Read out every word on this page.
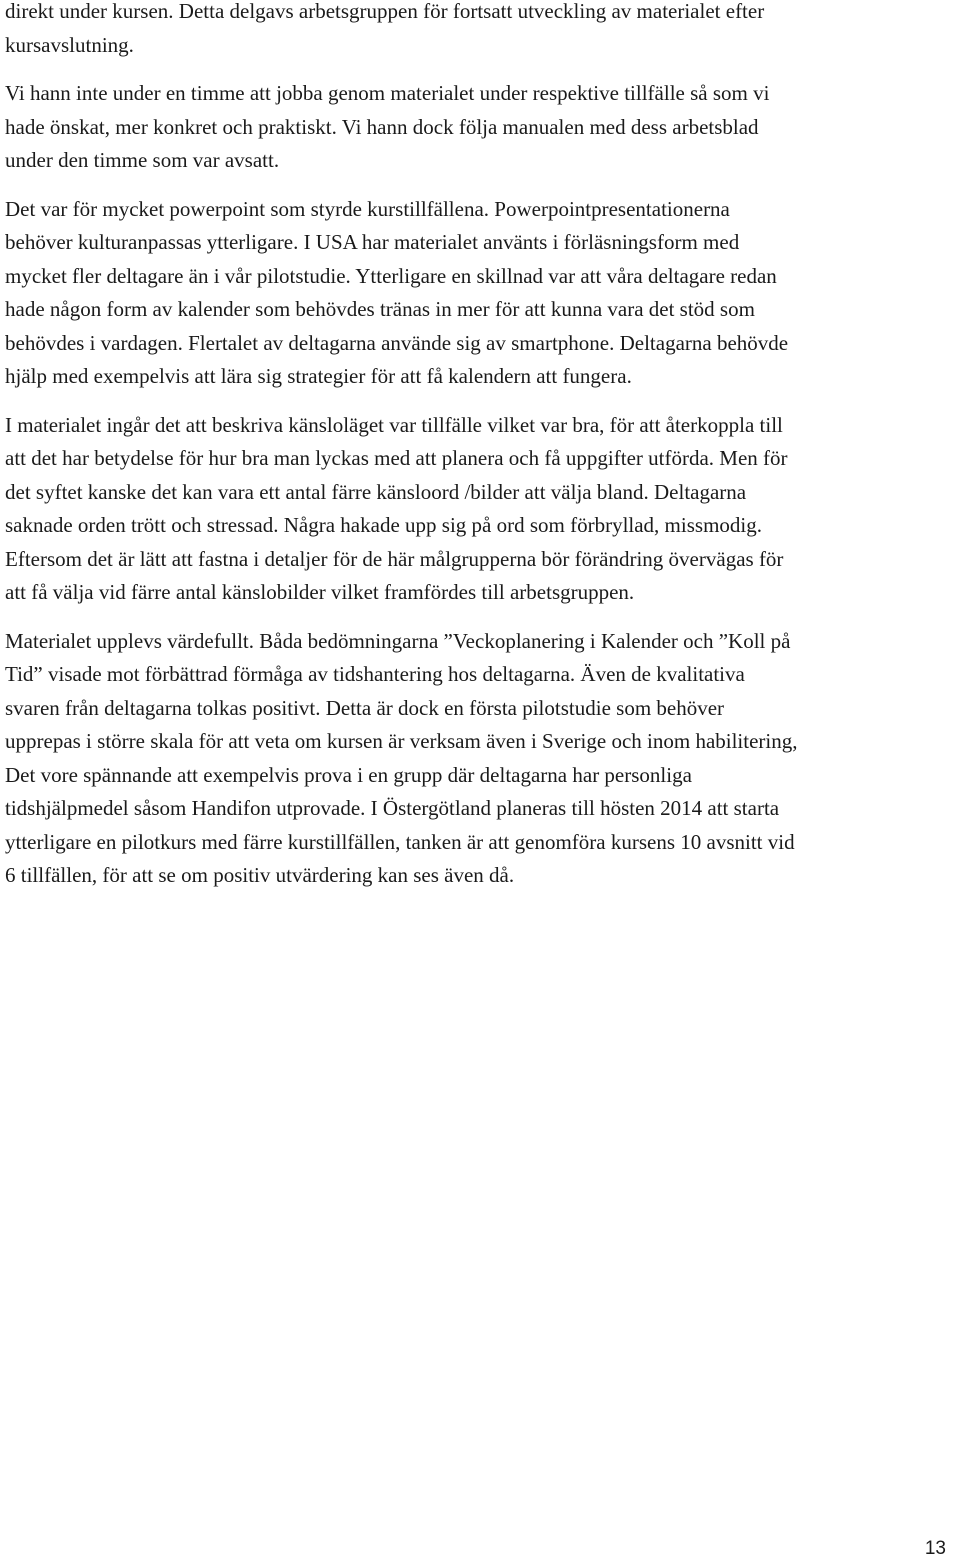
direkt under kursen. Detta delgavs arbetsgruppen för fortsatt utveckling av materialet efter
kursavslutning.

Vi hann inte under en timme att jobba genom materialet under respektive tillfälle så som vi
hade önskat, mer konkret och praktiskt. Vi hann dock följa manualen med dess arbetsblad
under den timme som var avsatt.

Det var för mycket powerpoint som styrde kurstillfällena. Powerpointpresentationerna
behöver kulturanpassas ytterligare. I USA har materialet använts i förläsningsform med
mycket fler deltagare än i vår pilotstudie. Ytterligare en skillnad var att våra deltagare redan
hade någon form av kalender som behövdes tränas in mer för att kunna vara det stöd som
behövdes i vardagen. Flertalet av deltagarna använde sig av smartphone. Deltagarna behövde
hjälp med exempelvis att lära sig strategier för att få kalendern att fungera.

I materialet ingår det att beskriva känsloläget var tillfälle vilket var bra, för att återkoppla till
att det har betydelse för hur bra man lyckas med att planera och få uppgifter utförda. Men för
det syftet kanske det kan vara ett antal färre känsloord /bilder att välja bland. Deltagarna
saknade orden trött och stressad. Några hakade upp sig på ord som förbryllad, missmodig.
Eftersom det är lätt att fastna i detaljer för de här målgrupperna bör förändring övervägas för
att få välja vid färre antal känslobilder vilket framfördes till arbetsgruppen.

Materialet upplevs värdefullt. Båda bedömningarna ”Veckoplanering i Kalender och ”Koll på
Tid” visade mot förbättrad förmåga av tidshantering hos deltagarna. Även de kvalitativa
svaren från deltagarna tolkas positivt. Detta är dock en första pilotstudie som behöver
upprepas i större skala för att veta om kursen är verksam även i Sverige och inom habilitering,
Det vore spännande att exempelvis prova i en grupp där deltagarna har personliga
tidshjälpmedel såsom Handifon utprovade. I Östergötland planeras till hösten 2014 att starta
ytterligare en pilotkurs med färre kurstillfällen, tanken är att genomföra kursens 10 avsnitt vid
6 tillfällen, för att se om positiv utvärdering kan ses även då.

13
